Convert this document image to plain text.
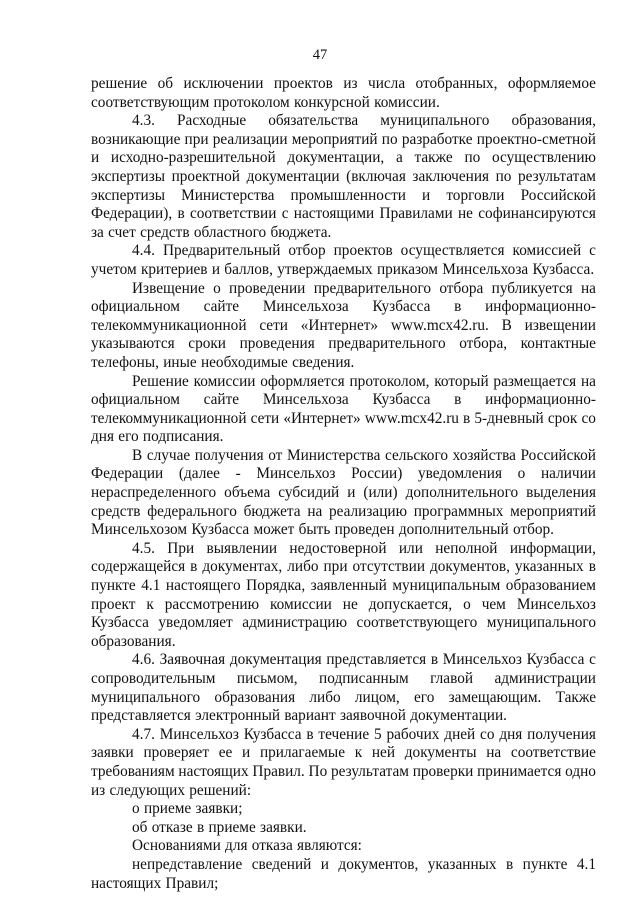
47
решение об исключении проектов из числа отобранных, оформляемое
соответствующим протоколом конкурсной комиссии.
4.3. Расходные обязательства муниципального образования,
возникающие при реализации мероприятий по разработке проектно-сметной
и исходно-разрешительной документации, а также по осуществлению
экспертизы проектной документации (включая заключения по результатам
экспертизы Министерства промышленности и торговли Российской
Федерации), в соответствии с настоящими Правилами не софинансируются
за счет средств областного бюджета.
4.4. Предварительный отбор проектов осуществляется комиссией с
учетом критериев и баллов, утверждаемых приказом Минсельхоза Кузбасса.
Извещение о проведении предварительного отбора публикуется на
официальном сайте Минсельхоза Кузбасса в информационно-
телекоммуникационной сети «Интернет» www.mcx42.ru. В извещении
указываются сроки проведения предварительного отбора, контактные
телефоны, иные необходимые сведения.
Решение комиссии оформляется протоколом, который размещается на
официальном сайте Минсельхоза Кузбасса в информационно-
телекоммуникационной сети «Интернет» www.mcx42.ru в 5-дневный срок со
дня его подписания.
В случае получения от Министерства сельского хозяйства Российской
Федерации (далее - Минсельхоз России) уведомления о наличии
нераспределенного объема субсидий и (или) дополнительного выделения
средств федерального бюджета на реализацию программных мероприятий
Минсельхозом Кузбасса может быть проведен дополнительный отбор.
4.5. При выявлении недостоверной или неполной информации,
содержащейся в документах, либо при отсутствии документов, указанных в
пункте 4.1 настоящего Порядка, заявленный муниципальным образованием
проект к рассмотрению комиссии не допускается, о чем Минсельхоз
Кузбасса уведомляет администрацию соответствующего муниципального
образования.
4.6. Заявочная документация представляется в Минсельхоз Кузбасса с
сопроводительным письмом, подписанным главой администрации
муниципального образования либо лицом, его замещающим. Также
представляется электронный вариант заявочной документации.
4.7. Минсельхоз Кузбасса в течение 5 рабочих дней со дня получения
заявки проверяет ее и прилагаемые к ней документы на соответствие
требованиям настоящих Правил. По результатам проверки принимается одно
из следующих решений:
о приеме заявки;
об отказе в приеме заявки.
Основаниями для отказа являются:
непредставление сведений и документов, указанных в пункте 4.1
настоящих Правил;
